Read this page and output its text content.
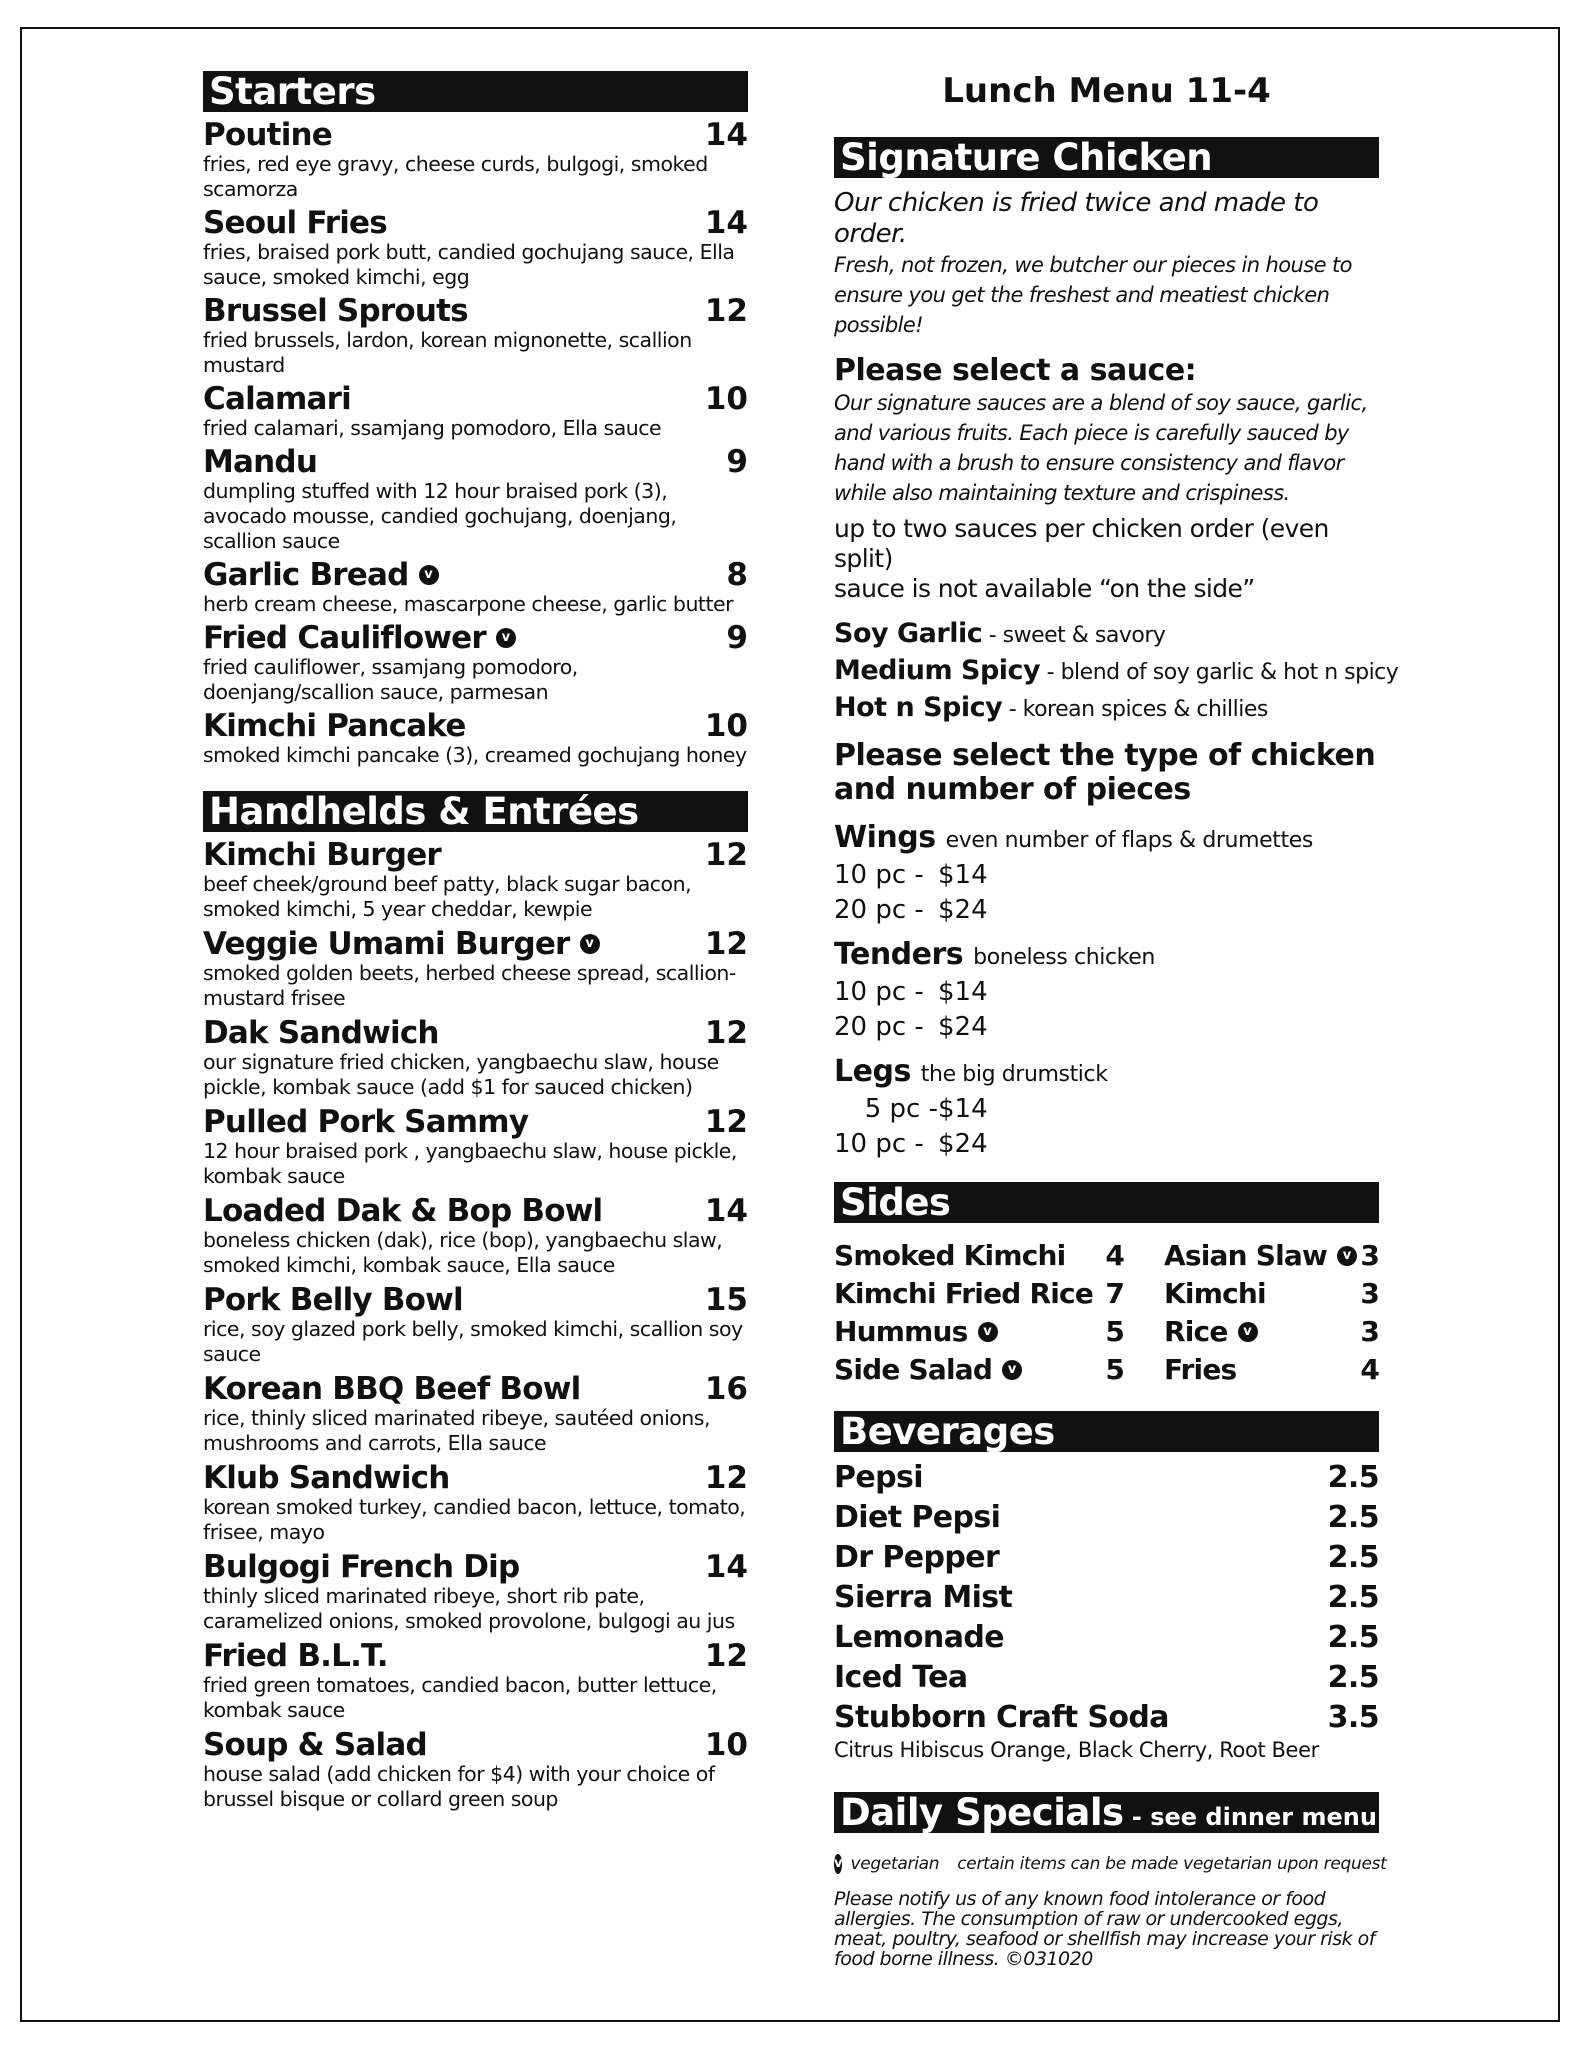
Starters
Poutine	14
fries, red eye gravy, cheese curds, bulgogi, smoked scamorza
Seoul Fries	14
fries, braised pork butt, candied gochujang sauce, Ella sauce, smoked kimchi, egg
Brussel Sprouts	12
fried brussels, lardon, korean mignonette, scallion mustard
Calamari	10
fried calamari, ssamjang pomodoro, Ella sauce
Mandu	9
dumpling stuffed with 12 hour braised pork (3), avocado mousse, candied gochujang, doenjang, scallion sauce
Garlic Bread	v	8
herb cream cheese, mascarpone cheese, garlic butter
Fried Cauliflower	v	9
fried cauliflower, ssamjang pomodoro, doenjang/scallion sauce, parmesan
Kimchi Pancake	10
smoked kimchi pancake (3), creamed gochujang honey
Handhelds & Entrées
Kimchi Burger	12
beef cheek/ground beef patty, black sugar bacon, smoked kimchi, 5 year cheddar, kewpie
Veggie Umami Burger	v	12
smoked golden beets, herbed cheese spread, scallion-mustard frisee
Dak Sandwich	12
our signature fried chicken, yangbaechu slaw, house pickle, kombak sauce (add $1 for sauced chicken)
Pulled Pork Sammy	12
12 hour braised pork , yangbaechu slaw, house pickle, kombak sauce
Loaded Dak & Bop Bowl	14
boneless chicken (dak), rice (bop), yangbaechu slaw, smoked kimchi, kombak sauce, Ella sauce
Pork Belly Bowl	15
rice, soy glazed pork belly, smoked kimchi, scallion soy sauce
Korean BBQ Beef Bowl	16
rice, thinly sliced marinated ribeye, sautéed onions, mushrooms and carrots, Ella sauce
Klub Sandwich	12
korean smoked turkey, candied bacon, lettuce, tomato, frisee, mayo
Bulgogi French Dip	14
thinly sliced marinated ribeye, short rib pate, caramelized onions, smoked provolone, bulgogi au jus
Fried B.L.T.	12
fried green tomatoes, candied bacon, butter lettuce, kombak sauce
Soup & Salad	10
house salad (add chicken for $4) with your choice of brussel bisque or collard green soup
Lunch Menu 11-4
Signature Chicken
Our chicken is fried twice and made to order.
Fresh, not frozen, we butcher our pieces in house to ensure you get the freshest and meatiest chicken possible!
Please select a sauce:
Our signature sauces are a blend of soy sauce, garlic, and various fruits. Each piece is carefully sauced by hand with a brush to ensure consistency and flavor while also maintaining texture and crispiness.
up to two sauces per chicken order (even split)
sauce is not available “on the side”
Soy Garlic - sweet & savory
Medium Spicy - blend of soy garlic & hot n spicy
Hot n Spicy - korean spices & chillies
Please select the type of chicken and number of pieces
Wings even number of flaps & drumettes
10 pc - $14
20 pc - $24
Tenders boneless chicken
10 pc - $14
20 pc - $24
Legs the big drumstick
5 pc -$14
10 pc - $24
Sides
Smoked Kimchi 4
Kimchi Fried Rice 7
Hummus	v	5
Side Salad	v	5
Asian Slaw	v 3
Kimchi	3
Rice	v	3
Fries	4
Beverages
Pepsi	2.5
Diet Pepsi	2.5
Dr Pepper	2.5
Sierra Mist	2.5
Lemonade	2.5
Iced Tea	2.5
Stubborn Craft Soda	3.5
Citrus Hibiscus Orange, Black Cherry, Root Beer
Daily Specials - see dinner menu
v vegetarian certain items can be made vegetarian upon request
Please notify us of any known food intolerance or food allergies. The consumption of raw or undercooked eggs, meat, poultry, seafood or shellfish may increase your risk of food borne illness. ©031020
